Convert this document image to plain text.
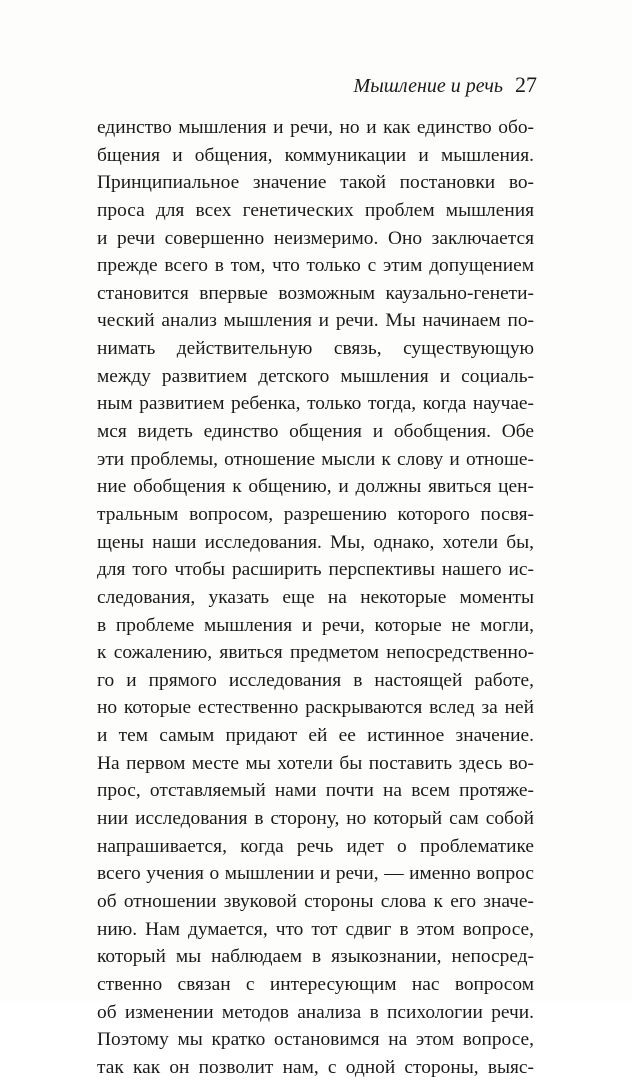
Мышление и речь 27
единство мышления и речи, но и как единство обо-
бщения и общения, коммуникации и мышления.
Принципиальное значение такой постановки во-
проса для всех генетических проблем мышления
и речи совершенно неизмеримо. Оно заключается
прежде всего в том, что только с этим допущением
становится впервые возможным каузально-генети-
ческий анализ мышления и речи. Мы начинаем по-
нимать действительную связь, существующую
между развитием детского мышления и социаль-
ным развитием ребенка, только тогда, когда научае-
мся видеть единство общения и обобщения. Обе
эти проблемы, отношение мысли к слову и отноше-
ние обобщения к общению, и должны явиться цен-
тральным вопросом, разрешению которого посвя-
щены наши исследования. Мы, однако, хотели бы,
для того чтобы расширить перспективы нашего ис-
следования, указать еще на некоторые моменты
в проблеме мышления и речи, которые не могли,
к сожалению, явиться предметом непосредственно-
го и прямого исследования в настоящей работе,
но которые естественно раскрываются вслед за ней
и тем самым придают ей ее истинное значение.
На первом месте мы хотели бы поставить здесь во-
прос, отставляемый нами почти на всем протяже-
нии исследования в сторону, но который сам собой
напрашивается, когда речь идет о проблематике
всего учения о мышлении и речи, — именно вопрос
об отношении звуковой стороны слова к его значе-
нию. Нам думается, что тот сдвиг в этом вопросе,
который мы наблюдаем в языкознании, непосред-
ственно связан с интересующим нас вопросом
об изменении методов анализа в психологии речи.
Поэтому мы кратко остановимся на этом вопросе,
так как он позволит нам, с одной стороны, выяс-
